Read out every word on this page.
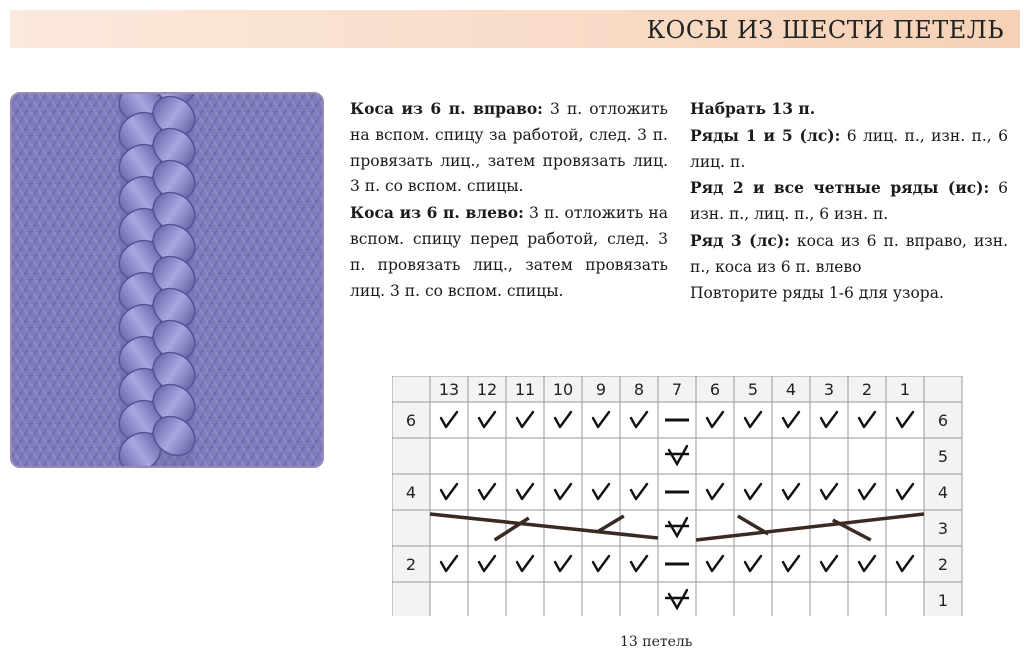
КОСЫ ИЗ ШЕСТИ ПЕТЕЛЬ

Коса из 6 п. вправо: 3 п. отложить на вспом. спицу за работой, след. 3 п. провязать лиц., затем провязать лиц. 3 п. со вспом. спицы.

Коса из 6 п. влево: 3 п. отложить на вспом. спицу перед работой, след. 3 п. провязать лиц., затем провязать лиц. 3 п. со вспом. спицы.

Набрать 13 п.

Ряды 1 и 5 (лс): 6 лиц. п., изн. п., 6 лиц. п.

Ряд 2 и все четные ряды (ис): 6 изн. п., лиц. п., 6 изн. п.

Ряд 3 (лс): коса из 6 п. вправо, изн. п., коса из 6 п. влево

Повторите ряды 1-6 для узора.

13 12 11 10 9 8 7 6 5 4 3 2 1
6
4
2
6
5
4
3
2
1
13 петель
